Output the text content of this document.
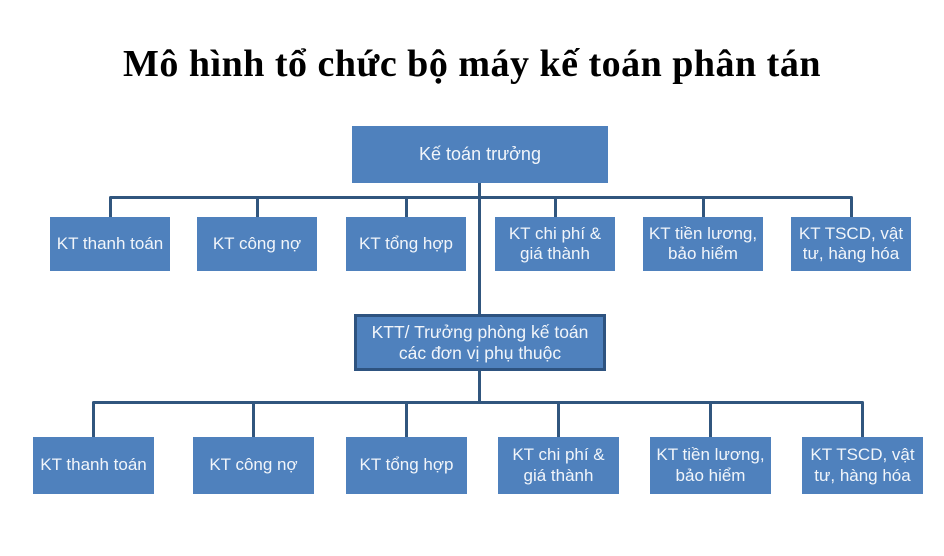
Mô hình tổ chức bộ máy kế toán phân tán
Kế toán trưởng
KT thanh toán	KT công nợ	KT tổng hợp
KT chi phí & giá thành
KT tiền lương, bảo hiểm
KT TSCD, vật tư, hàng hóa
KTT/ Trưởng phòng kế toán các đơn vị phụ thuộc
KT thanh toán	KT công nợ	KT tổng hợp
KT chi phí & giá thành
KT tiền lương, bảo hiểm
KT TSCD, vật tư, hàng hóa
